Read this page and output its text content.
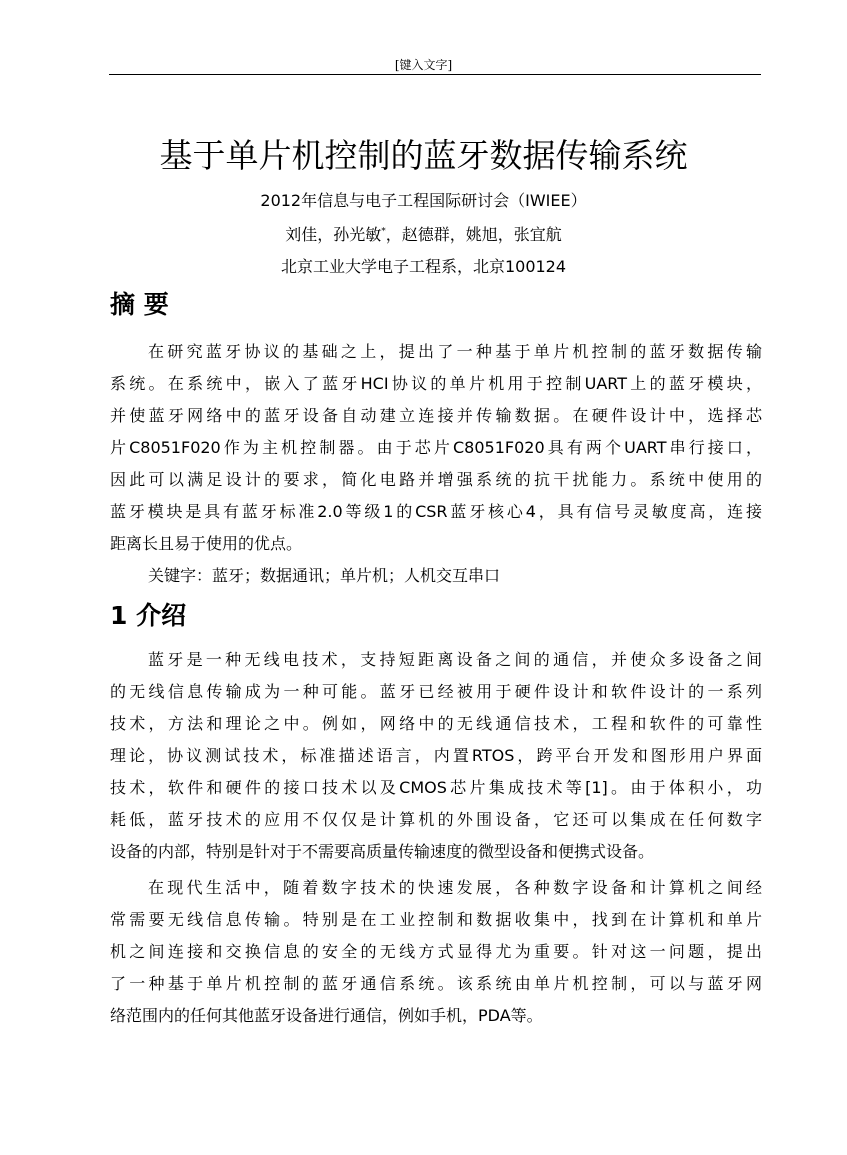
[键入文字]
基于单片机控制的蓝牙数据传输系统
2012年信息与电子工程国际研讨会（IWIEE）
刘佳，孙光敏*，赵德群，姚旭，张宜航
北京工业大学电子工程系，北京100124
摘 要
在研究蓝牙协议的基础之上，提出了一种基于单片机控制的蓝牙数据传输
系统。在系统中，嵌入了蓝牙HCI协议的单片机用于控制UART上的蓝牙模块，
并使蓝牙网络中的蓝牙设备自动建立连接并传输数据。在硬件设计中，选择芯
片C8051F020作为主机控制器。由于芯片C8051F020具有两个UART串行接口，
因此可以满足设计的要求，简化电路并增强系统的抗干扰能力。系统中使用的
蓝牙模块是具有蓝牙标准2.0等级1的CSR蓝牙核心4，具有信号灵敏度高，连接
距离长且易于使用的优点。
关键字：蓝牙；数据通讯；单片机；人机交互串口
1 介绍
蓝牙是一种无线电技术，支持短距离设备之间的通信，并使众多设备之间
的无线信息传输成为一种可能。蓝牙已经被用于硬件设计和软件设计的一系列
技术，方法和理论之中。例如，网络中的无线通信技术，工程和软件的可靠性
理论，协议测试技术，标准描述语言，内置RTOS，跨平台开发和图形用户界面
技术，软件和硬件的接口技术以及CMOS芯片集成技术等[1]。由于体积小，功
耗低，蓝牙技术的应用不仅仅是计算机的外围设备，它还可以集成在任何数字
设备的内部，特别是针对于不需要高质量传输速度的微型设备和便携式设备。
在现代生活中，随着数字技术的快速发展，各种数字设备和计算机之间经
常需要无线信息传输。特别是在工业控制和数据收集中，找到在计算机和单片
机之间连接和交换信息的安全的无线方式显得尤为重要。针对这一问题，提出
了一种基于单片机控制的蓝牙通信系统。该系统由单片机控制，可以与蓝牙网
络范围内的任何其他蓝牙设备进行通信，例如手机，PDA等。
